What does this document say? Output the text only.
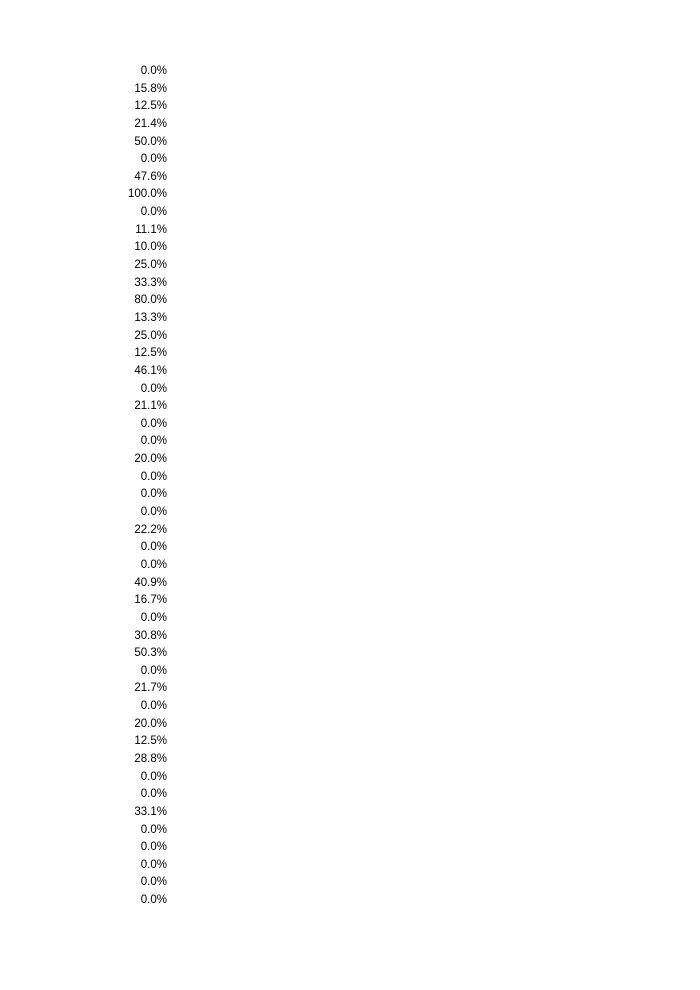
0.0%
15.8%
12.5%
21.4%
50.0%
0.0%
47.6%
100.0%
0.0%
11.1%
10.0%
25.0%
33.3%
80.0%
13.3%
25.0%
12.5%
46.1%
0.0%
21.1%
0.0%
0.0%
20.0%
0.0%
0.0%
0.0%
22.2%
0.0%
0.0%
40.9%
16.7%
0.0%
30.8%
50.3%
0.0%
21.7%
0.0%
20.0%
12.5%
28.8%
0.0%
0.0%
33.1%
0.0%
0.0%
0.0%
0.0%
0.0%
